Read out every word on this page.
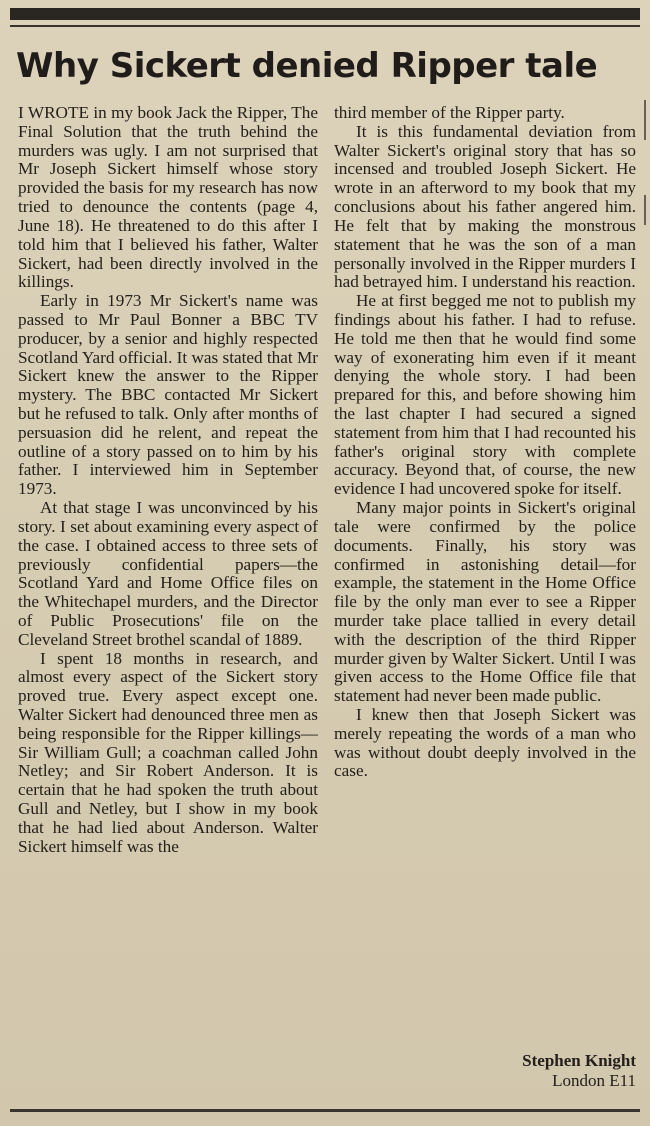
Why Sickert denied Ripper tale

I WROTE in my book Jack the Ripper, The Final Solution that the truth behind the murders was ugly. I am not surprised that Mr Joseph Sickert himself whose story provided the basis for my research has now tried to denounce the contents (page 4, June 18). He threatened to do this after I told him that I believed his father, Walter Sickert, had been directly involved in the killings.

Early in 1973 Mr Sickert's name was passed to Mr Paul Bonner a BBC TV producer, by a senior and highly respected Scotland Yard official. It was stated that Mr Sickert knew the answer to the Ripper mystery. The BBC contacted Mr Sickert but he refused to talk. Only after months of persuasion did he relent, and repeat the outline of a story passed on to him by his father. I interviewed him in September 1973.

At that stage I was unconvinced by his story. I set about examining every aspect of the case. I obtained access to three sets of previously confidential papers—the Scotland Yard and Home Office files on the Whitechapel murders, and the Director of Public Prosecutions' file on the Cleveland Street brothel scandal of 1889.

I spent 18 months in research, and almost every aspect of the Sickert story proved true. Every aspect except one. Walter Sickert had denounced three men as being responsible for the Ripper killings—Sir William Gull; a coachman called John Netley; and Sir Robert Anderson. It is certain that he had spoken the truth about Gull and Netley, but I show in my book that he had lied about Anderson. Walter Sickert himself was the

third member of the Ripper party.

It is this fundamental deviation from Walter Sickert's original story that has so incensed and troubled Joseph Sickert. He wrote in an afterword to my book that my conclusions about his father angered him. He felt that by making the monstrous statement that he was the son of a man personally involved in the Ripper murders I had betrayed him. I understand his reaction.

He at first begged me not to publish my findings about his father. I had to refuse. He told me then that he would find some way of exonerating him even if it meant denying the whole story. I had been prepared for this, and before showing him the last chapter I had secured a signed statement from him that I had recounted his father's original story with complete accuracy. Beyond that, of course, the new evidence I had uncovered spoke for itself.

Many major points in Sickert's original tale were confirmed by the police documents. Finally, his story was confirmed in astonishing detail—for example, the statement in the Home Office file by the only man ever to see a Ripper murder take place tallied in every detail with the description of the third Ripper murder given by Walter Sickert. Until I was given access to the Home Office file that statement had never been made public.

I knew then that Joseph Sickert was merely repeating the words of a man who was without doubt deeply involved in the case.

Stephen Knight
London E11
